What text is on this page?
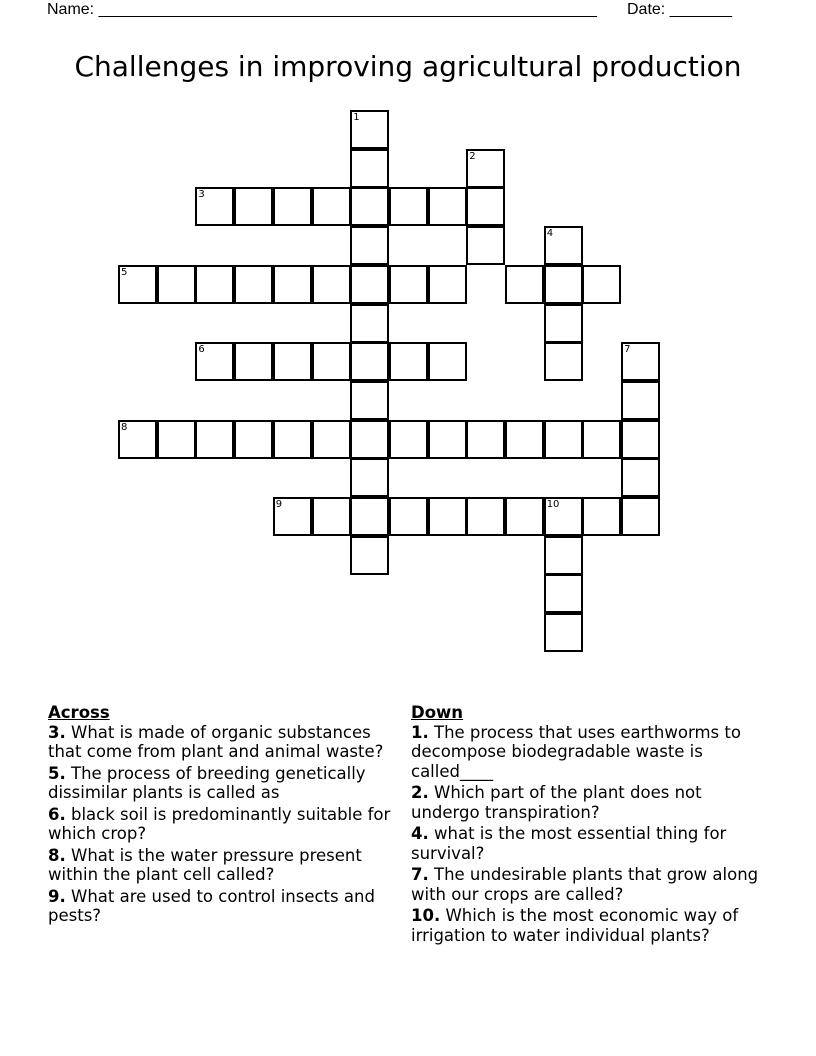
Name: ________________________________________________________ Date: _______
Challenges in improving agricultural production
1
2
3
4
5
6	7
8
9	10
Across
3. What is made of organic substances that come from plant and animal waste?
5. The process of breeding genetically dissimilar plants is called as
6. black soil is predominantly suitable for which crop?
8. What is the water pressure present within the plant cell called?
9. What are used to control insects and pests?
Down
1. The process that uses earthworms to decompose biodegradable waste is called____
2. Which part of the plant does not undergo transpiration?
4. what is the most essential thing for survival?
7. The undesirable plants that grow along with our crops are called?
10. Which is the most economic way of irrigation to water individual plants?
